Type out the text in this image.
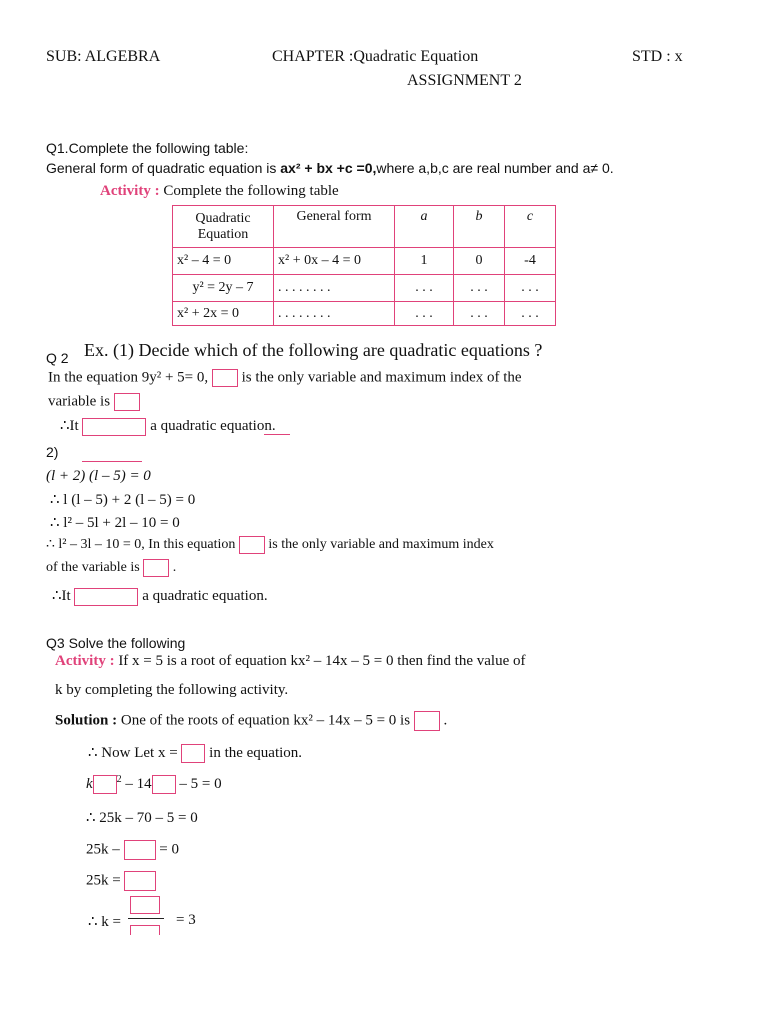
SUB: ALGEBRA	CHAPTER :Quadratic Equation	STD : x
ASSIGNMENT 2
Q1.Complete the following table:
General form of quadratic equation is ax² + bx +c =0,where a,b,c are real number and a≠ 0.
Activity : Complete the following table
Quadratic Equation	General form	a	b	c
x² – 4 = 0	x² + 0x – 4 = 0	1	0	-4
y² = 2y – 7	. . . . . . . .	. . .	. . .	. . .
x² + 2x = 0	. . . . . . . .	. . .	. . .	. . .
Q 2 Ex. (1) Decide which of the following are quadratic equations ?
In the equation 9y² + 5= 0, is the only variable and maximum index of the
variable is
∴It	a quadratic equation.
2)
(l + 2) (l – 5) = 0
∴ l (l – 5) + 2 (l – 5) = 0
∴ l² – 5l + 2l – 10 = 0
∴ l² – 3l – 10 = 0, In this equation is the only variable and maximum index
of the variable is .
∴It	a quadratic equation.
Q3 Solve the following
Activity : If x = 5 is a root of equation kx² – 14x – 5 = 0 then find the value of
k by completing the following activity.
Solution : One of the roots of equation kx² – 14x – 5 = 0 is .
∴ Now Let x = in the equation.
k $^2$ – 14 – 5 = 0
∴ 25k – 70 – 5 = 0
25k –	= 0
25k =
∴ k =	= 3
